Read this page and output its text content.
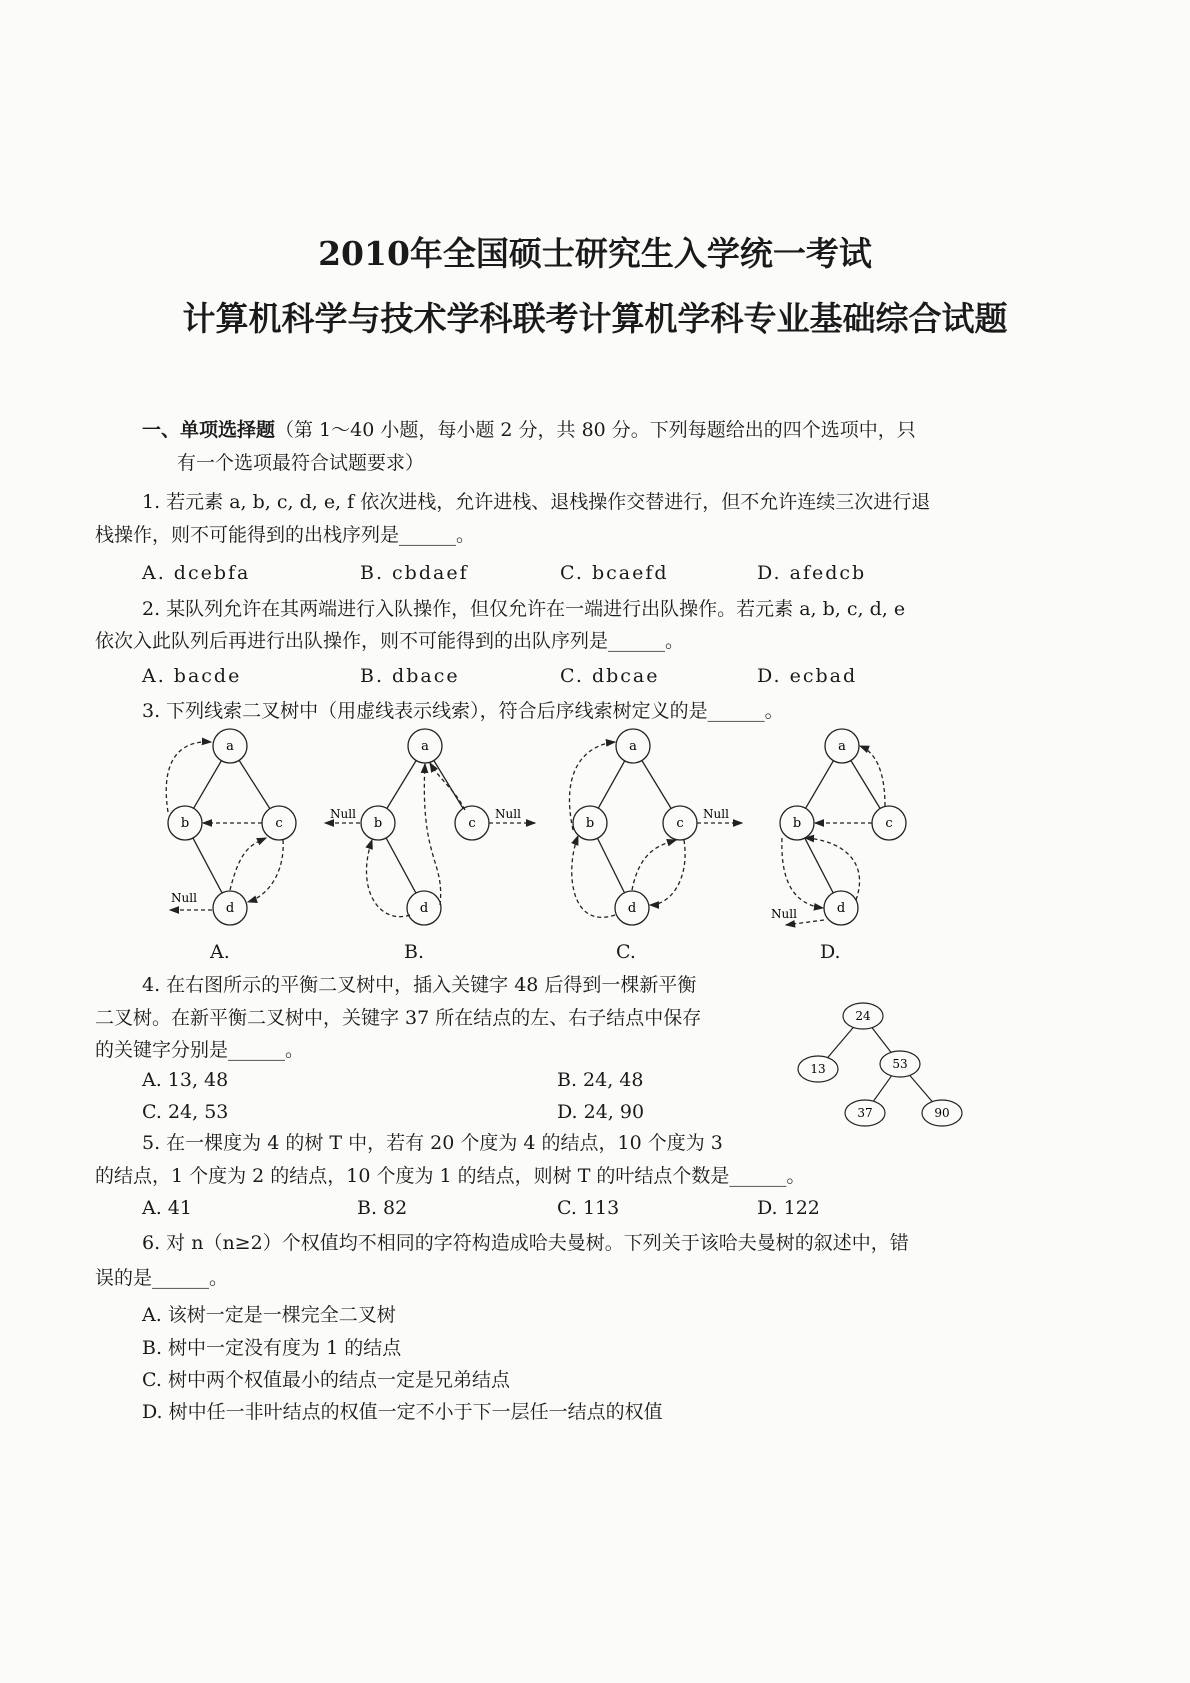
2010年全国硕士研究生入学统一考试
计算机科学与技术学科联考计算机学科专业基础综合试题
一、单项选择题（第 1～40 小题，每小题 2 分，共 80 分。下列每题给出的四个选项中，只
有一个选项最符合试题要求）
1. 若元素 a, b, c, d, e, f 依次进栈，允许进栈、退栈操作交替进行，但不允许连续三次进行退
栈操作，则不可能得到的出栈序列是______。
A. dcebfa	B. cbdaef	C. bcaefd	D. afedcb
2. 某队列允许在其两端进行入队操作，但仅允许在一端进行出队操作。若元素 a, b, c, d, e
依次入此队列后再进行出队操作，则不可能得到的出队序列是______。
A. bacde	B. dbace	C. dbcae	D. ecbad
3. 下列线索二叉树中（用虚线表示线索），符合后序线索树定义的是______。
a
b	c
d
a
b	c
d
a
b	c
d
a
b	c
d
Null
Null	Null	Null
Null
24
13	53
37	90
A.	B.	C.	D.
4. 在右图所示的平衡二叉树中，插入关键字 48 后得到一棵新平衡
二叉树。在新平衡二叉树中，关键字 37 所在结点的左、右子结点中保存
的关键字分别是______。
A. 13, 48	B. 24, 48
C. 24, 53	D. 24, 90
5. 在一棵度为 4 的树 T 中，若有 20 个度为 4 的结点，10 个度为 3
的结点，1 个度为 2 的结点，10 个度为 1 的结点，则树 T 的叶结点个数是______。
A. 41	B. 82	C. 113	D. 122
6. 对 n（n≥2）个权值均不相同的字符构造成哈夫曼树。下列关于该哈夫曼树的叙述中，错
误的是______。
A. 该树一定是一棵完全二叉树
B. 树中一定没有度为 1 的结点
C. 树中两个权值最小的结点一定是兄弟结点
D. 树中任一非叶结点的权值一定不小于下一层任一结点的权值
